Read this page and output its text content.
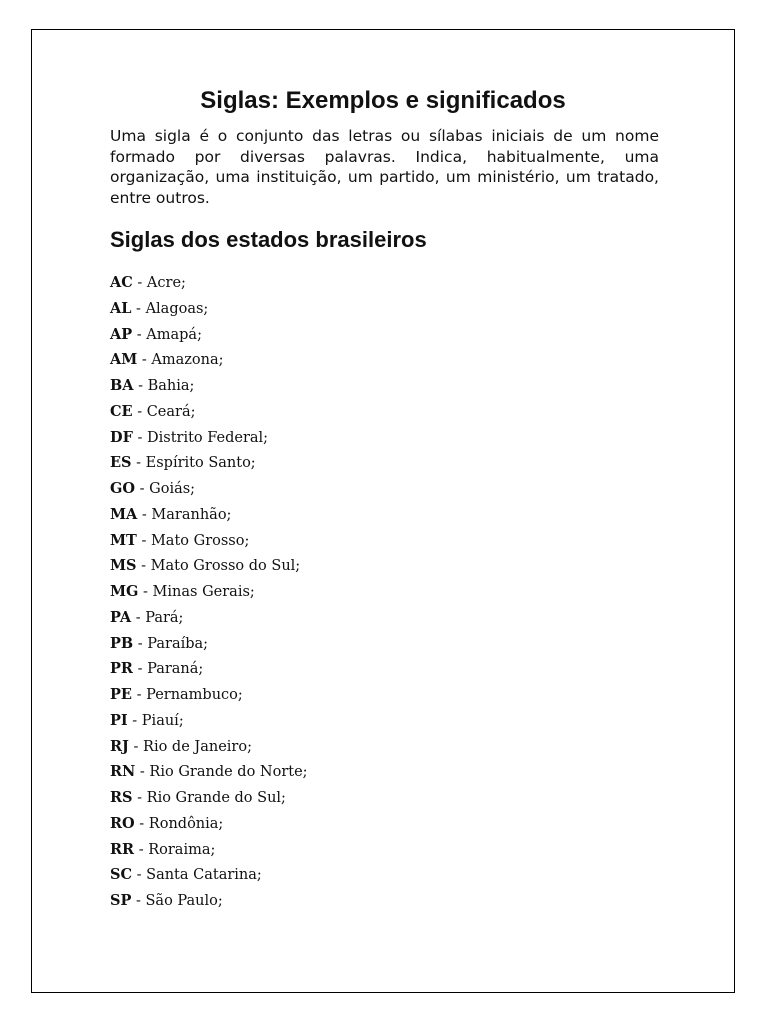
Siglas: Exemplos e significados

Uma sigla é o conjunto das letras ou sílabas iniciais de um nome formado por diversas palavras. Indica, habitualmente, uma organização, uma instituição, um partido, um ministério, um tratado, entre outros.

Siglas dos estados brasileiros
AC - Acre;
AL - Alagoas;
AP - Amapá;
AM - Amazona;
BA - Bahia;
CE - Ceará;
DF - Distrito Federal;
ES - Espírito Santo;
GO - Goiás;
MA - Maranhão;
MT - Mato Grosso;
MS - Mato Grosso do Sul;
MG - Minas Gerais;
PA - Pará;
PB - Paraíba;
PR - Paraná;
PE - Pernambuco;
PI - Piauí;
RJ - Rio de Janeiro;
RN - Rio Grande do Norte;
RS - Rio Grande do Sul;
RO - Rondônia;
RR - Roraima;
SC - Santa Catarina;
SP - São Paulo;
